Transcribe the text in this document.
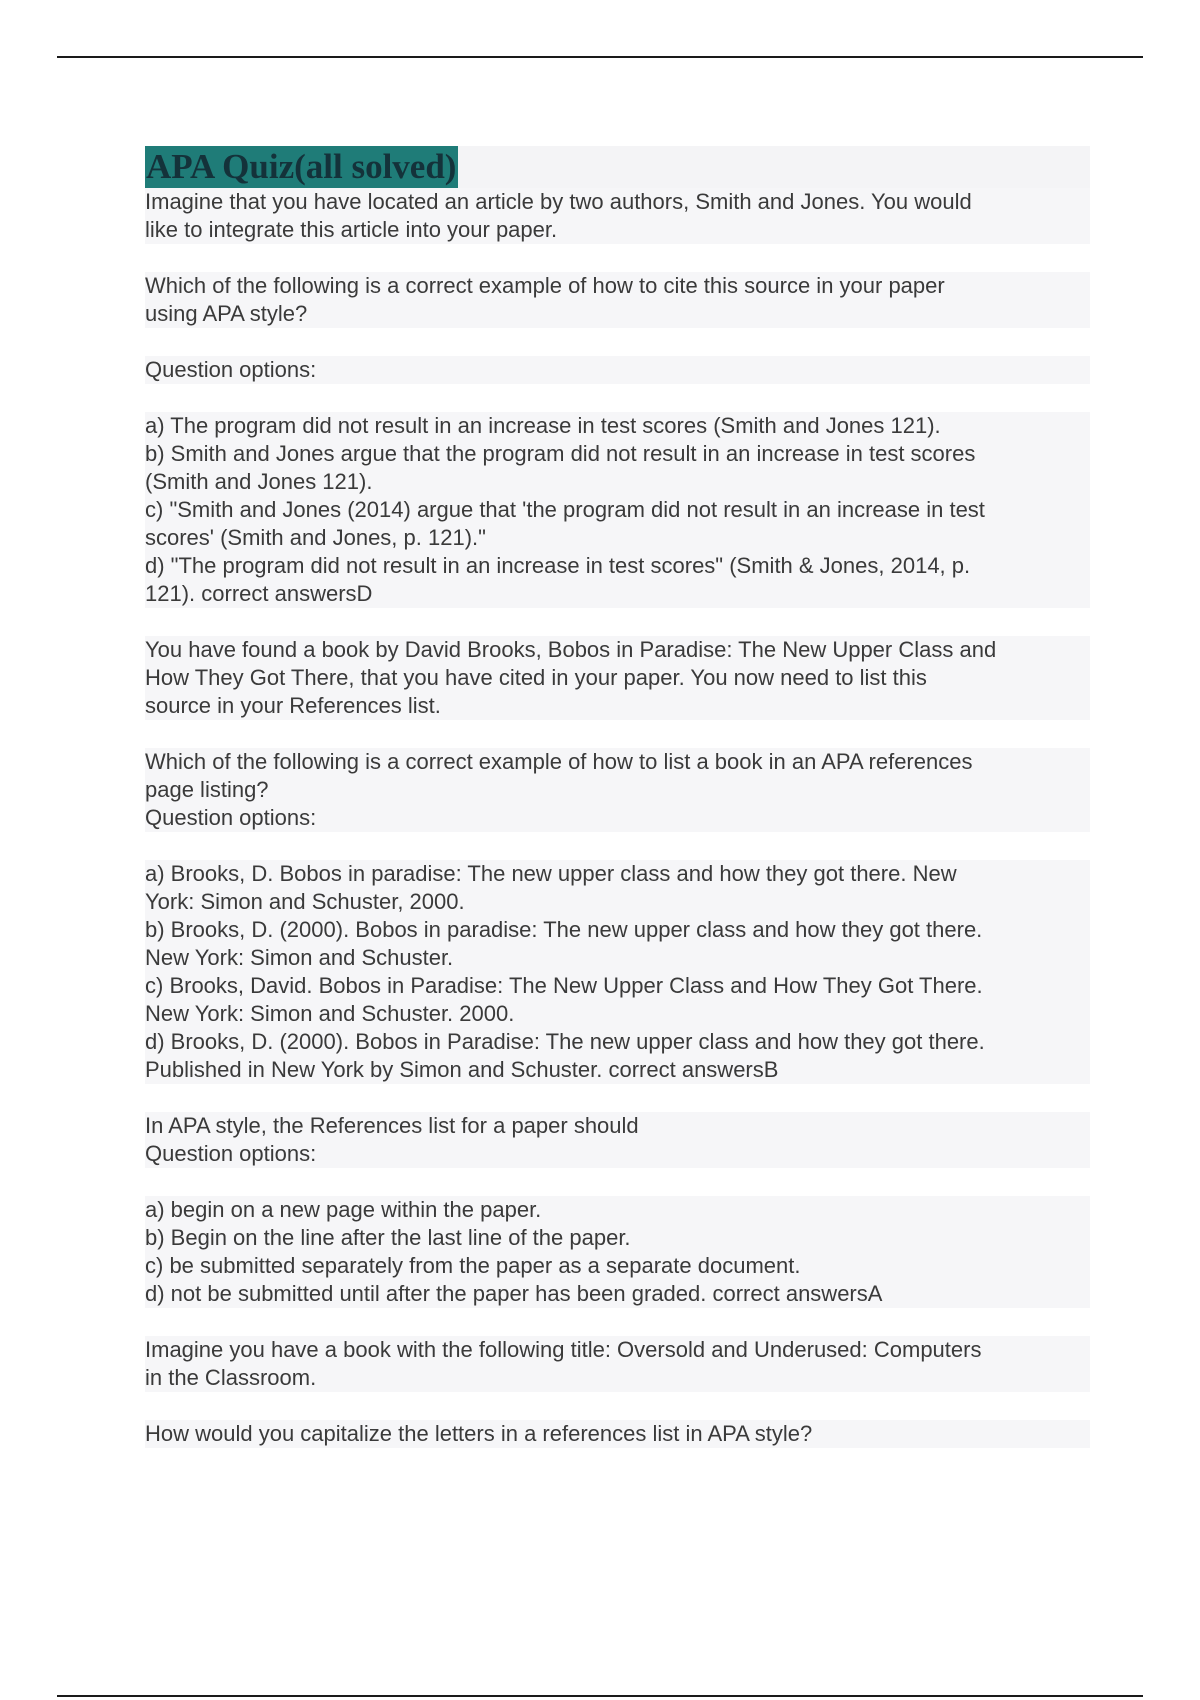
APA Quiz(all solved)

Imagine that you have located an article by two authors, Smith and Jones. You would

like to integrate this article into your paper.

Which of the following is a correct example of how to cite this source in your paper

using APA style?

Question options:

a) The program did not result in an increase in test scores (Smith and Jones 121).

b) Smith and Jones argue that the program did not result in an increase in test scores

(Smith and Jones 121).

c) "Smith and Jones (2014) argue that 'the program did not result in an increase in test

scores' (Smith and Jones, p. 121)."

d) "The program did not result in an increase in test scores" (Smith & Jones, 2014, p.

121). correct answersD

You have found a book by David Brooks, Bobos in Paradise: The New Upper Class and

How They Got There, that you have cited in your paper. You now need to list this

source in your References list.

Which of the following is a correct example of how to list a book in an APA references

page listing?

Question options:

a) Brooks, D. Bobos in paradise: The new upper class and how they got there. New

York: Simon and Schuster, 2000.

b) Brooks, D. (2000). Bobos in paradise: The new upper class and how they got there.

New York: Simon and Schuster.

c) Brooks, David. Bobos in Paradise: The New Upper Class and How They Got There.

New York: Simon and Schuster. 2000.

d) Brooks, D. (2000). Bobos in Paradise: The new upper class and how they got there.

Published in New York by Simon and Schuster. correct answersB

In APA style, the References list for a paper should

Question options:

a) begin on a new page within the paper.

b) Begin on the line after the last line of the paper.

c) be submitted separately from the paper as a separate document.

d) not be submitted until after the paper has been graded. correct answersA

Imagine you have a book with the following title: Oversold and Underused: Computers

in the Classroom.

How would you capitalize the letters in a references list in APA style?
